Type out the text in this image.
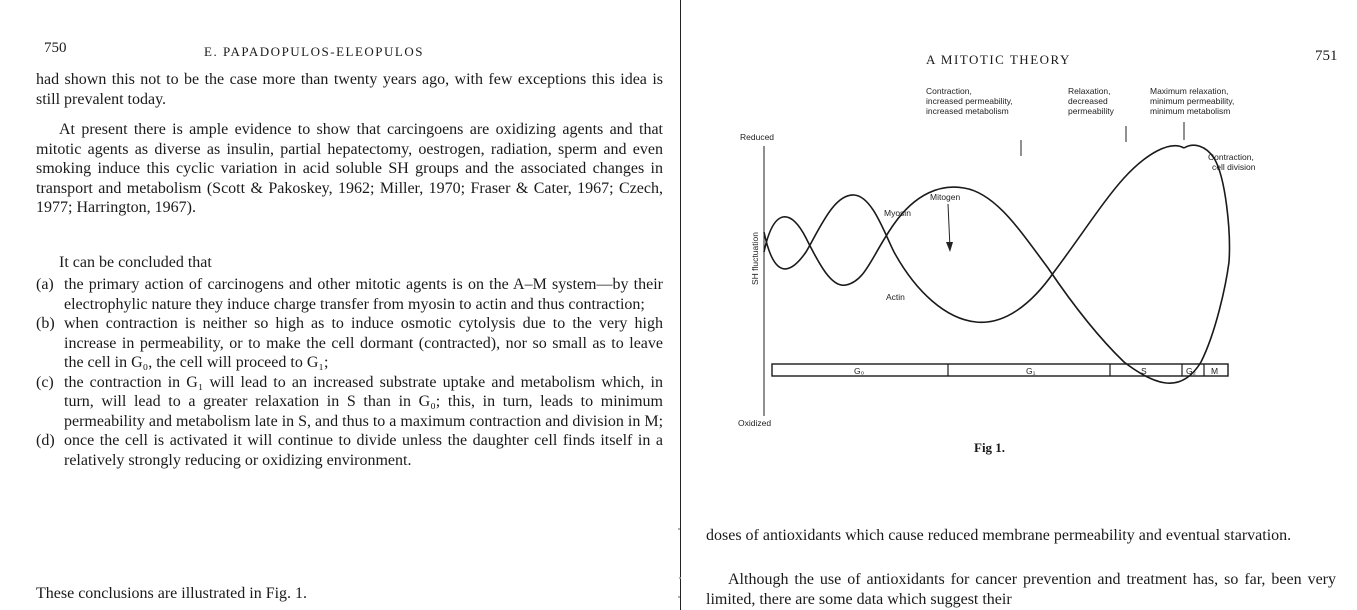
750	E. PAPADOPULOS-ELEOPULOS

had shown this not to be the case more than twenty years ago, with few exceptions this idea is still prevalent today.

At present there is ample evidence to show that carcingoens are oxidizing agents and that mitotic agents as diverse as insulin, partial hepatectomy, oestrogen, radiation, sperm and even smoking induce this cyclic variation in acid soluble SH groups and the associated changes in transport and metabolism (Scott & Pakoskey, 1962; Miller, 1970; Fraser & Cater, 1967; Czech, 1977; Harrington, 1967).

It can be concluded that

(a) the primary action of carcinogens and other mitotic agents is on the A–M system—by their electrophylic nature they induce charge transfer from myosin to actin and thus contraction;
(b) when contraction is neither so high as to induce osmotic cytolysis due to the very high increase in permeability, or to make the cell dormant (contracted), nor so small as to leave the cell in G₀, the cell will proceed to G₁;
(c) the contraction in G₁ will lead to an increased substrate uptake and metabolism which, in turn, will lead to a greater relaxation in S than in G₀; this, in turn, leads to minimum permeability and metabolism late in S, and thus to a maximum contraction and division in M;
(d) once the cell is activated it will continue to divide unless the daughter cell finds itself in a relatively strongly reducing or oxidizing environment.

These conclusions are illustrated in Fig. 1.

A MITOTIC THEORY	751
Reduced
Oxidized
SH fluctuation
Myosin
Actin
Mitogen
Contraction, increased permeability, increased metabolism
Relaxation, decreased permeability
Maximum relaxation, minimum permeability, minimum metabolism
Contraction, cell division
G₀	G₁	S	G₂ M
Fig 1.

doses of antioxidants which cause reduced membrane permeability and eventual starvation.

Although the use of antioxidants for cancer prevention and treatment has, so far, been very limited, there are some data which suggest their
